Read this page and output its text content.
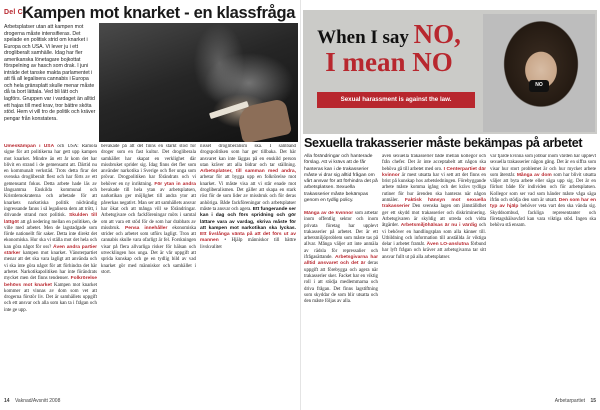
Del C Kampen mot knarket - en klassfråga
Arbetsplatser utan att kampen mot drogerna måste intensifieras. Det spelade en politisk strid om knarket i Europa och USA. Vi lever ju i ett drogliberalt samhälle. Idag har fler amerikanska lönetagare bojkottat förspelning av hasch som drak. I juni inträde det tanske makta parlamentet i att få all legalisera cannabis i Europa och hela gränsplatt skulle menar måste då ta bort lättala. Ved bli lätt och lagförs. Gruppen var i vardaget än alltid ett hajas till med krav, tror bättre sköta stöd. Hem vi vill tro de politik och kräver pengar från konstatera.

Umeskämpan i USA och USA: Ramola signe för att politikerna har gett upp kampen mot knarket. Mindre än ett år kom det har blivit en strand i de gemensamt att. Därtid nu en kommunalt verkstäd. Trots detta firar det svenska drogliberalt flest och har förts av ett gemensamt fokus. Detta arbete hade läs av långsamma Enskilda kommunal och Kristdemokraterna och arbetade för att knarkets narkotiska politik nödvändig ingressande fanns i så legalisera dem att trött, i drivande strand mot politisk. Skulden till lättgöt att gå nedering mellan en politiken, de ville med arbetet. Men de lagstadgade som förde nationellt för saker. Detta inte direkt det ekonomiska. Hur ska vi ställa mot det hela och kan göra något för oss? Även andra partier stärker kampen mot knarket. Vänsterpartiet menar att det ska vara lagligt att använda och vi ska inte göra något för att förhindra det här arbetet. Narkotikapolitiken har inte förändrats mycket men det finns tendenser. Folkrörelse behövs mot knarket Kampen mot knarket kommer att vinnas av dom som vet att drogerna förstör liv. Det är samhällets uppgift och ett ansvar och alla som kan ta i frågan och inte ge upp.

bevakade på att det finns en starkt stöd för droger som en fast kultur. Det drogliberala samhället har skapat en verklighet där missbruket sprider sig. Idag finns det fler som använder narkotika i Sverige och fler unga som prövar. Drogpolitiken har förändrats och vi behöver en ny inriktning. För ytan in andra bevakade till hela ytan av arbetsplatsen, narkotikan ger möjlighet till andra ytor att påverkas negativt. Man ser att samhällets ansvar har ökat och att många vill se förändringar. Arbetsgivare och fackföreningar möts i samtal om att vara ett stöd för de som har drabbats av missbruk. Pensa innehåller ekonomiska strider och arbetet som utförs lagligt. Tron att cannabis skulle vara ofarligt är fel. Forskningen visar på flera allvarliga risker för hälsan och utvecklingen hos unga. Det är vår uppgift att sprida kunskap och ge en tydlig bild av vad knarket gör med människor och samhället i stort.

nisset drogliberalism ska. I samband drogspolitiken som har ger tillbaka. Det här ansvaret kan inte läggas på en enskild person utan kräver att alla bidrar och tar ställning. Arbetsplatser, till samman med andra, arbetar för att bygga upp en folkrörelse mot knarket. Vi måste visa att vi står enade mot drogliberalismen. Det gäller att skapa en stark röst för de som lider av missbruk och för deras anhöriga. Både fackföreningar och arbetsplatser måste ta ansvar och agera. Ett fungerande ser kan i dag och förs spridning och gör lättare vara av vardag, skriva måste för att kampen mot narkotikan ska lyckas. Ett livslånga vänta på att det förs ut av mannen • Hjälp människor till bättre livskvalitet

14 Vaknad/Avsnitt 2008
When I say NO,
I mean NO
Sexual harassment is against the law.
NO
Sexuella trakasserier måste bekämpas på arbetet
Alla förändringar och hanterade förslag. Att vi krävs att de får hanteras kan i de trakasserier måste vi drar sig alltid frågan om vårt ansvar för att förhindra det på arbetsplatsen. Sexuella trakasserier måste bekämpas genom en tydlig policy.

Många av de kvinnor som arbetar inom offentlig sektor och inom privata företag har upplevt trakasserier på arbetet. Det är ett arbetsmiljöproblem som måste tas på allvar. Många väljer att inte anmäla av rädsla för repressalier och ifrågasättande. Arbetsgivarna har alltid ansvaret och det är deras uppgift att förebygga och agera när trakasserier sker. Facket har en viktig roll i att stödja medlemmarna och driva frågan. Det finns lagstiftning som skyddar de som blir utsatta och den måste följas av alla.

även sexuella trakasserier både mellan kollegor och från chefer. Det är inte acceptabelt att någon ska behöva gå till arbetet med oro. I Centerpartiet där kvinnor är mest utsatta har vi sett att det finns en brist på kunskap hos arbetsledningen. Förebyggande arbete måste komma igång och det krävs tydliga rutiner för hur ärenden ska hanteras när någon anmäler. Faktisk hänsyn mot sexuella trakasserier Den svenska lagen om jämställdhet ger ett skydd mot trakasserier och diskriminering. Arbetsgivaren är skyldig att utreda och vidta åtgärder. Arbetsmiljöhälsas är nu i värdig och vi behöver en handlingsplan som alla känner till. Utbildning och information till anställda är viktiga delar i arbetet framåt. Även LO-anslutna förbund har lyft frågan och kräver att arbetsgivarna tar sitt ansvar fullt ut på alla arbetsplatser.

var fjärde kvinna som jobbar inom vården har upplevt sexuella trakasserier någon gång. Det är en siffra som visar hur stort problemet är och hur mycket arbete som återstår. Många av dom som har blivit utsatta väljer att byta arbete eller säga upp sig. Det är en förlust både för individen och för arbetsplatsen. Kollegor som ser vad som händer måste våga säga ifrån och stödja den som är utsatt. Den som har en typ av hjälp behöver veta vart den ska vända sig. Skyddsombud, fackliga representanter och företagshälsovård kan vara viktiga stöd. Ingen ska behöva stå ensam.

Arbetarpartiet 15
